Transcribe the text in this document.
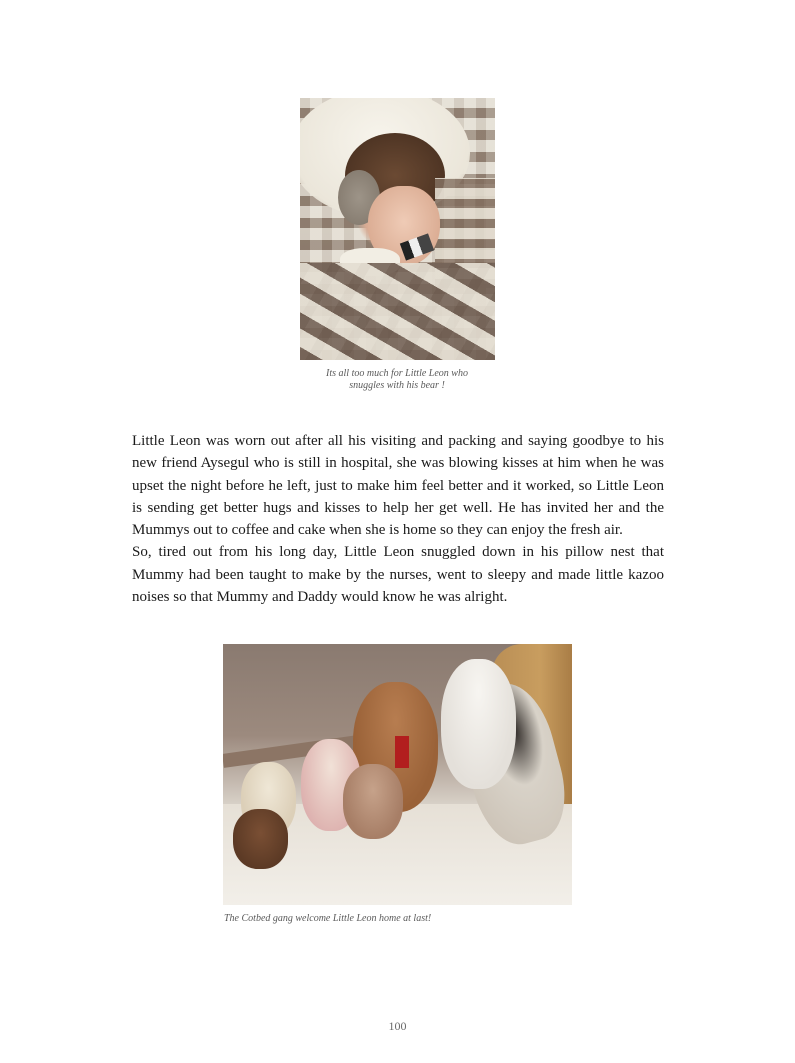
Its all too much for Little Leon who
snuggles with his bear !

Little Leon was worn out after all his visiting and packing and saying goodbye to his new friend Aysegul who is still in hospital, she was blowing kisses at him when he was upset the night before he left, just to make him feel better and it worked, so Little Leon is sending get better hugs and kisses to help her get well. He has invited her and the Mummys out to coffee and cake when she is home so they can enjoy the fresh air.

So, tired out from his long day, Little Leon snuggled down in his pillow nest that Mummy had been taught to make by the nurses, went to sleepy and made little kazoo noises so that Mummy and Daddy would know he was alright.

The Cotbed gang welcome Little Leon home at last!
100
